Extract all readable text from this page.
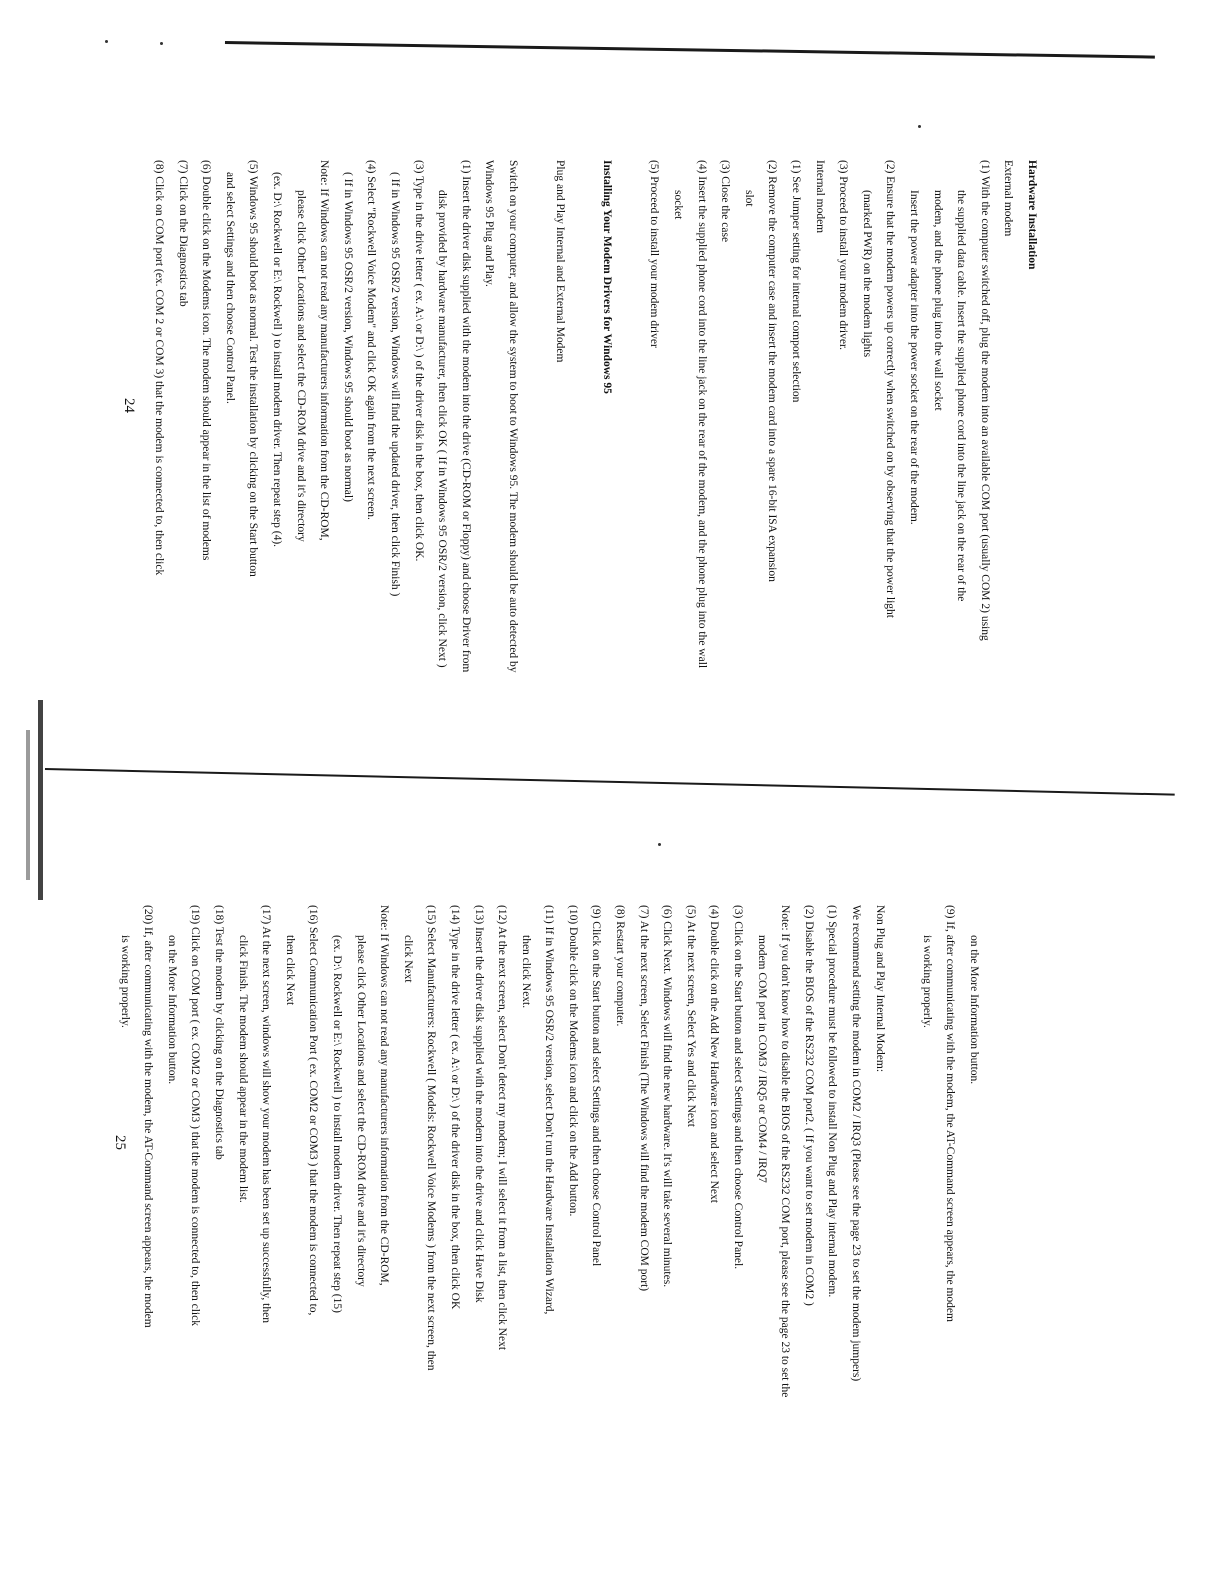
Hardware Installation
External modem
(1) With the computer switched off, plug the modem into an available COM port (usually COM 2) using
the supplied data cable. Insert the supplied phone cord into the line jack on the rear of the
modem, and the phone plug into the wall socket
Insert the power adapter into the power socket on the rear of the modem.
(2) Ensure that the modem powers up correctly when switched on by observing that the power light
(marked PWR) on the modem lights
(3) Proceed to install your modem driver.
Internal modem
(1) See Jumper setting for internal comport selection
(2) Remove the computer case and insert the modem card into a spare 16-bit ISA expansion
slot
(3) Close the case
(4) Insert the supplied phone cord into the line jack on the rear of the modem, and the phone plug into the wall
socket
(5) Proceed to install your modem driver
Installing Your Modem Drivers for Windows 95
Plug and Play Internal and External Modem
Switch on your computer, and allow the system to boot to Windows 95. The modem should be auto detected by
Windows 95 Plug and Play.
(1) Insert the driver disk supplied with the modem into the drive (CD-ROM or Floppy) and choose Driver from
disk provided by hardware manufacturer, then click OK ( If in Windows 95 OSR/2 version, click Next )
(3) Type in the drive letter ( ex. A:\ or D:\ ) of the driver disk in the box, then click OK.
( If in Windows 95 OSR/2 version, Windows will find the updated driver, then click Finish )
(4) Select "Rockwell Voice Modem" and click OK again from the next screen.
( If in Windows 95 OSR/2 version, Windows 95 should boot as normal)
Note: If Windows can not read any manufacturers information from the CD-ROM,
please click Other Locations and select the CD-ROM drive and it's directory
(ex. D:\ Rockwell or E:\ Rockwell ) to install modem driver. Then repeat step (4).
(5) Windows 95 should boot as normal. Test the installation by clicking on the Start button
and select Settings and then choose Control Panel.
(6) Double click on the Modems icon. The modem should appear in the list of modems
(7) Click on the Diagnostics tab
(8) Click on COM port (ex. COM 2 or COM 3) that the modem is connected to, then click
24
on the More Information button.
(9) If, after communicating with the modem, the AT-Command screen appears, the modem
is working properly.
Non Plug and Play Internal Modem:
We recommend setting the modem in COM2 / IRQ3 (Please see the page 23 to set the modem jumpers)
(1) Special procedure must be followed to install Non Plug and Play internal modem.
(2) Disable the BIOS of the RS232 COM port2. ( If you want to set modem in COM2 )
Note: If you don't know how to disable the BIOS of the RS232 COM port, please see the page 23 to set the
modem COM port in COM3 / IRQ5 or COM4 / IRQ7
(3) Click on the Start button and select Settings and then choose Control Panel.
(4) Double click on the Add New Hardware icon and select Next
(5) At the next screen, Select Yes and click Next
(6) Click Next. Windows will find the new hardware. It's will take several minutes.
(7) At the next screen, Select Finish (The Windows will find the modem COM port)
(8) Restart your computer.
(9) Click on the Start button and select Settings and then choose Control Panel
(10) Double click on the Modems icon and click on the Add button.
(11) If in Windows 95 OSR/2 version, select Don't run the Hardware Installation Wizard,
then click Next.
(12) At the next screen, select Don't detect my modem; I will select it from a list, then click Next
(13) Insert the driver disk supplied with the modem into the drive and click Have Disk
(14) Type in the drive letter ( ex. A:\ or D:\ ) of the driver disk in the box, then click OK
(15) Select Manufacturers: Rockwell ( Models: Rockwell Voice Modems ) from the next screen, then
click Next
Note: If Windows can not read any manufacturers information from the CD-ROM,
please click Other Locations and select the CD-ROM drive and it's directory
(ex. D:\ Rockwell or E:\ Rockwell ) to install modem driver. Then repeat step (15)
(16) Select Communication Port ( ex. COM2 or COM3 ) that the modem is connected to,
then click Next
(17) At the next screen, windows will show your modem has been set up successfully, then
click Finish. The modem should appear in the modem list.
(18) Test the modem by clicking on the Diagnostics tab
(19) Click on COM port ( ex. COM2 or COM3 ) that the modem is connected to, then click
on the More Information button.
(20) If, after communicating with the modem, the AT-Command screen appears, the modem
is working properly.
25
